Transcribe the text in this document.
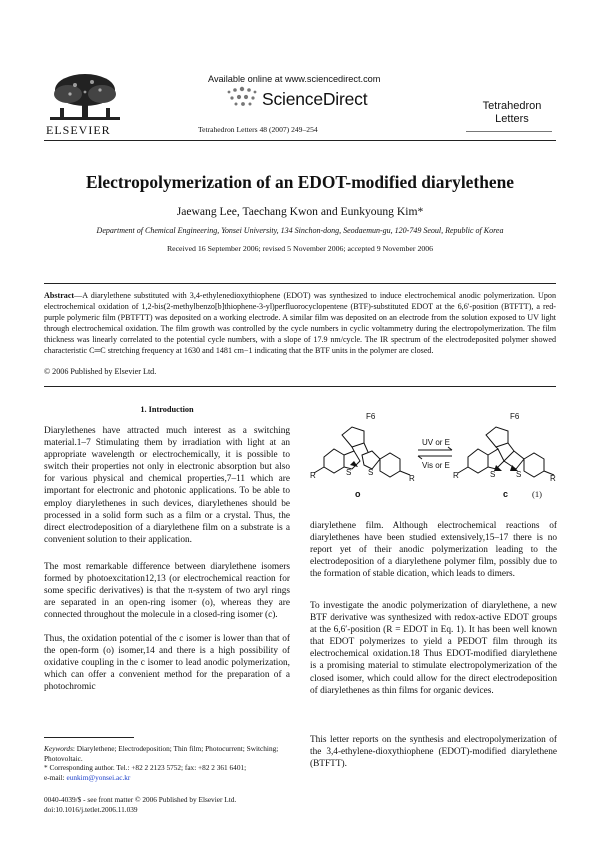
ELSEVIER
Available online at www.sciencedirect.com
ScienceDirect	Tetrahedron
Letters
Tetrahedron Letters 48 (2007) 249–254
Electropolymerization of an EDOT-modified diarylethene
Jaewang Lee, Taechang Kwon and Eunkyoung Kim*
Department of Chemical Engineering, Yonsei University, 134 Sinchon-dong, Seodaemun-gu, 120-749 Seoul, Republic of Korea
Received 16 September 2006; revised 5 November 2006; accepted 9 November 2006
Abstract—A diarylethene substituted with 3,4-ethylenedioxythiophene (EDOT) was synthesized to induce electrochemical anodic polymerization. Upon electrochemical oxidation of 1,2-bis(2-methylbenzo[b]thiophene-3-yl)perfluorocyclopentene (BTF)-substituted EDOT at the 6,6′-position (BTFTT), a red-purple polymeric film (PBTFTT) was deposited on a working electrode. A similar film was deposited on an electrode from the solution exposed to UV light through electrochemical oxidation. The film growth was controlled by the cycle numbers in cyclic voltammetry during the electropolymerization. The film thickness was linearly correlated to the potential cycle numbers, with a slope of 17.9 nm/cycle. The IR spectrum of the electrodeposited polymer showed characteristic C═C stretching frequency at 1630 and 1481 cm−1 indicating that the BTF units in the polymer are closed.
© 2006 Published by Elsevier Ltd.
1. Introduction

Diarylethenes have attracted much interest as a switching material.1–7 Stimulating them by irradiation with light at an appropriate wavelength or electrochemically, it is possible to switch their properties not only in electronic absorption but also for various physical and chemical properties,7–11 which are important for electronic and photonic applications. To be able to employ diarylethenes in such devices, diarylethenes should be processed in a solid form such as a film or a crystal. Thus, the direct electrodeposition of a diarylethene film on a substrate is a convenient solution to their application.

The most remarkable difference between diarylethene isomers formed by photoexcitation12,13 (or electrochemical reaction for some specific derivatives) is that the π-system of two aryl rings are separated in an open-ring isomer (o), whereas they are connected throughout the molecule in a closed-ring isomer (c).

Thus, the oxidation potential of the c isomer is lower than that of the open-form (o) isomer,14 and there is a high possibility of oxidative coupling in the c isomer to lead anodic polymerization, which can offer a convenient method for the preparation of a photochromic

Keywords: Diarylethene; Electrodeposition; Thin film; Photocurrent; Switching; Photovoltaic.
* Corresponding author. Tel.: +82 2 2123 5752; fax: +82 2 361 6401;
e-mail: eunkim@yonsei.ac.kr
0040-4039/$ - see front matter © 2006 Published by Elsevier Ltd.
doi:10.1016/j.tetlet.2006.11.039
F6	F6
R	R	R	R
S S	S	S
UV or E
Vis or E
o	c	(1)

diarylethene film. Although electrochemical reactions of diarylethenes have been studied extensively,15–17 there is no report yet of their anodic polymerization leading to the electrodeposition of a diarylethene polymer film, possibly due to the formation of stable dication, which leads to dimers.

To investigate the anodic polymerization of diarylethene, a new BTF derivative was synthesized with redox-active EDOT groups at the 6,6′-position (R = EDOT in Eq. 1). It has been well known that EDOT polymerizes to yield a PEDOT film through its electrochemical oxidation.18 Thus EDOT-modified diarylethene is a promising material to stimulate electropolymerization of the closed isomer, which could allow for the direct electrodeposition of diarylethenes as thin films for organic devices.

This letter reports on the synthesis and electropolymerization of the 3,4-ethylene-dioxythiophene (EDOT)-modified diarylethene (BTFTT).
